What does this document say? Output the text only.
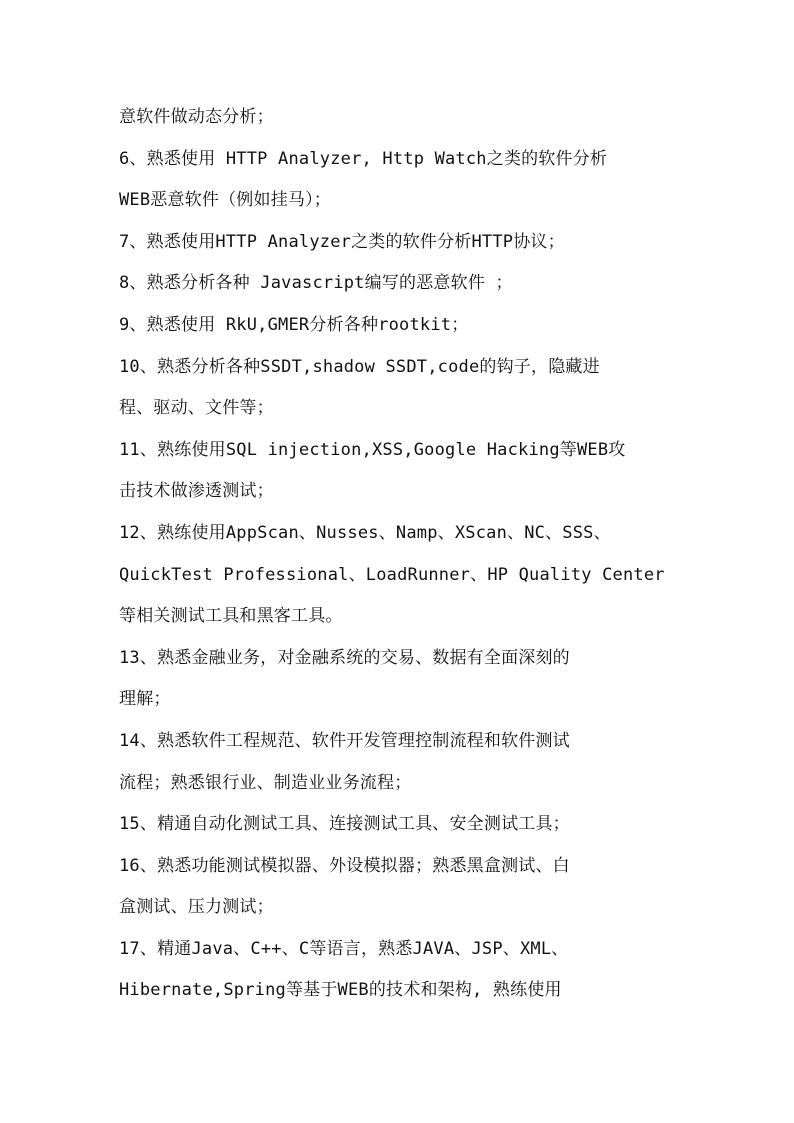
意软件做动态分析；
6、熟悉使用 HTTP Analyzer, Http Watch之类的软件分析
WEB恶意软件（例如挂马）；
7、熟悉使用HTTP Analyzer之类的软件分析HTTP协议；
8、熟悉分析各种 Javascript编写的恶意软件 ；
9、熟悉使用 RkU,GMER分析各种rootkit；
10、熟悉分析各种SSDT,shadow SSDT,code的钩子，隐藏进
程、驱动、文件等；
11、熟练使用SQL injection,XSS,Google Hacking等WEB攻
击技术做渗透测试；
12、熟练使用AppScan、Nusses、Namp、XScan、NC、SSS、
QuickTest Professional、LoadRunner、HP Quality Center
等相关测试工具和黑客工具。
13、熟悉金融业务，对金融系统的交易、数据有全面深刻的
理解；
14、熟悉软件工程规范、软件开发管理控制流程和软件测试
流程；熟悉银行业、制造业业务流程；
15、精通自动化测试工具、连接测试工具、安全测试工具；
16、熟悉功能测试模拟器、外设模拟器；熟悉黑盒测试、白
盒测试、压力测试；
17、精通Java、C++、C等语言，熟悉JAVA、JSP、XML、
Hibernate,Spring等基于WEB的技术和架构, 熟练使用
